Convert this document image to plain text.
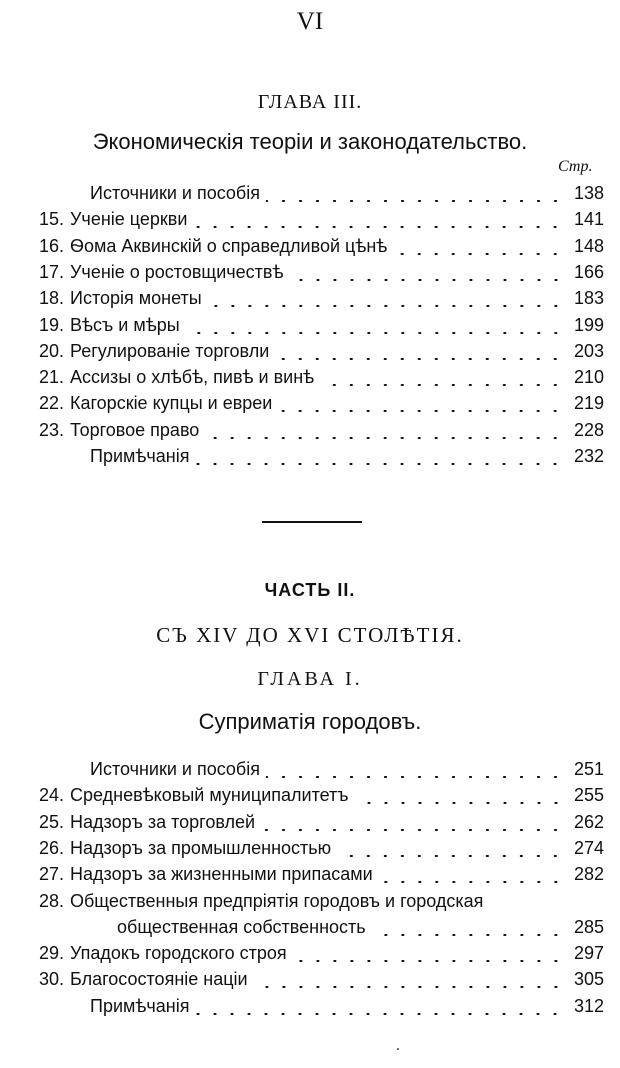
VI
ГЛАВА III.
Экономическія теоріи и законодательство.
Стр.
Источники и пособія	138
15. Ученіе церкви	141
16. Ѳома Аквинскій о справедливой цѣнѣ	148
17. Ученіе о ростовщичествѣ	166
18. Исторія монеты	183
19. Вѣсъ и мѣры	199
20. Регулированіе торговли	203
21. Ассизы о хлѣбѣ, пивѣ и винѣ	210
22. Кагорскіе купцы и евреи	219
23. Торговое право	228
Примѣчанія	232
ЧАСТЬ II.
СЪ XIV ДО XVI СТОЛѢТІЯ.
ГЛАВА I.
Суприматія городовъ.
Источники и пособія	251
24. Средневѣковый муниципалитетъ	255
25. Надзоръ за торговлей	262
26. Надзоръ за промышленностью	274
27. Надзоръ за жизненными припасами	282
28. Общественныя предпріятія городовъ и городская
общественная собственность	285
29. Упадокъ городского строя	297
30. Благосостояніе націи	305
Примѣчанія	312
